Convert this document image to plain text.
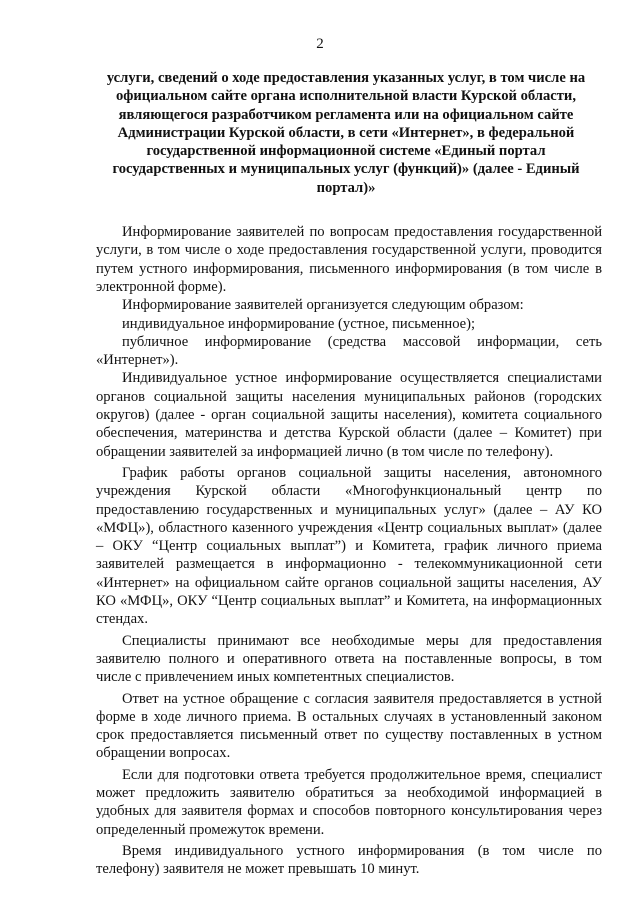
2
услуги, сведений о ходе предоставления указанных услуг, в том числе на официальном сайте органа исполнительной власти Курской области, являющегося разработчиком регламента или на официальном сайте Администрации Курской области, в сети «Интернет», в федеральной государственной информационной системе «Единый портал государственных и муниципальных услуг (функций)» (далее - Единый портал)»

Информирование заявителей по вопросам предоставления государственной услуги, в том числе о ходе предоставления государственной услуги, проводится путем устного информирования, письменного информирования (в том числе в электронной форме).

Информирование заявителей организуется следующим образом:

индивидуальное информирование (устное, письменное);

публичное информирование (средства массовой информации, сеть «Интернет»).

Индивидуальное устное информирование осуществляется специалистами органов социальной защиты населения муниципальных районов (городских округов) (далее - орган социальной защиты населения), комитета социального обеспечения, материнства и детства Курской области (далее – Комитет) при обращении заявителей за информацией лично (в том числе по телефону).

График работы органов социальной защиты населения, автономного учреждения Курской области «Многофункциональный центр по предоставлению государственных и муниципальных услуг» (далее – АУ КО «МФЦ»), областного казенного учреждения «Центр социальных выплат» (далее – ОКУ “Центр социальных выплат”) и Комитета, график личного приема заявителей размещается в информационно - телекоммуникационной сети «Интернет» на официальном сайте органов социальной защиты населения, АУ КО «МФЦ», ОКУ “Центр социальных выплат” и Комитета, на информационных стендах.

Специалисты принимают все необходимые меры для предоставления заявителю полного и оперативного ответа на поставленные вопросы, в том числе с привлечением иных компетентных специалистов.

Ответ на устное обращение с согласия заявителя предоставляется в устной форме в ходе личного приема. В остальных случаях в установленный законом срок предоставляется письменный ответ по существу поставленных в устном обращении вопросах.

Если для подготовки ответа требуется продолжительное время, специалист может предложить заявителю обратиться за необходимой информацией в удобных для заявителя формах и способов повторного консультирования через определенный промежуток времени.

Время индивидуального устного информирования (в том числе по телефону) заявителя не может превышать 10 минут.
